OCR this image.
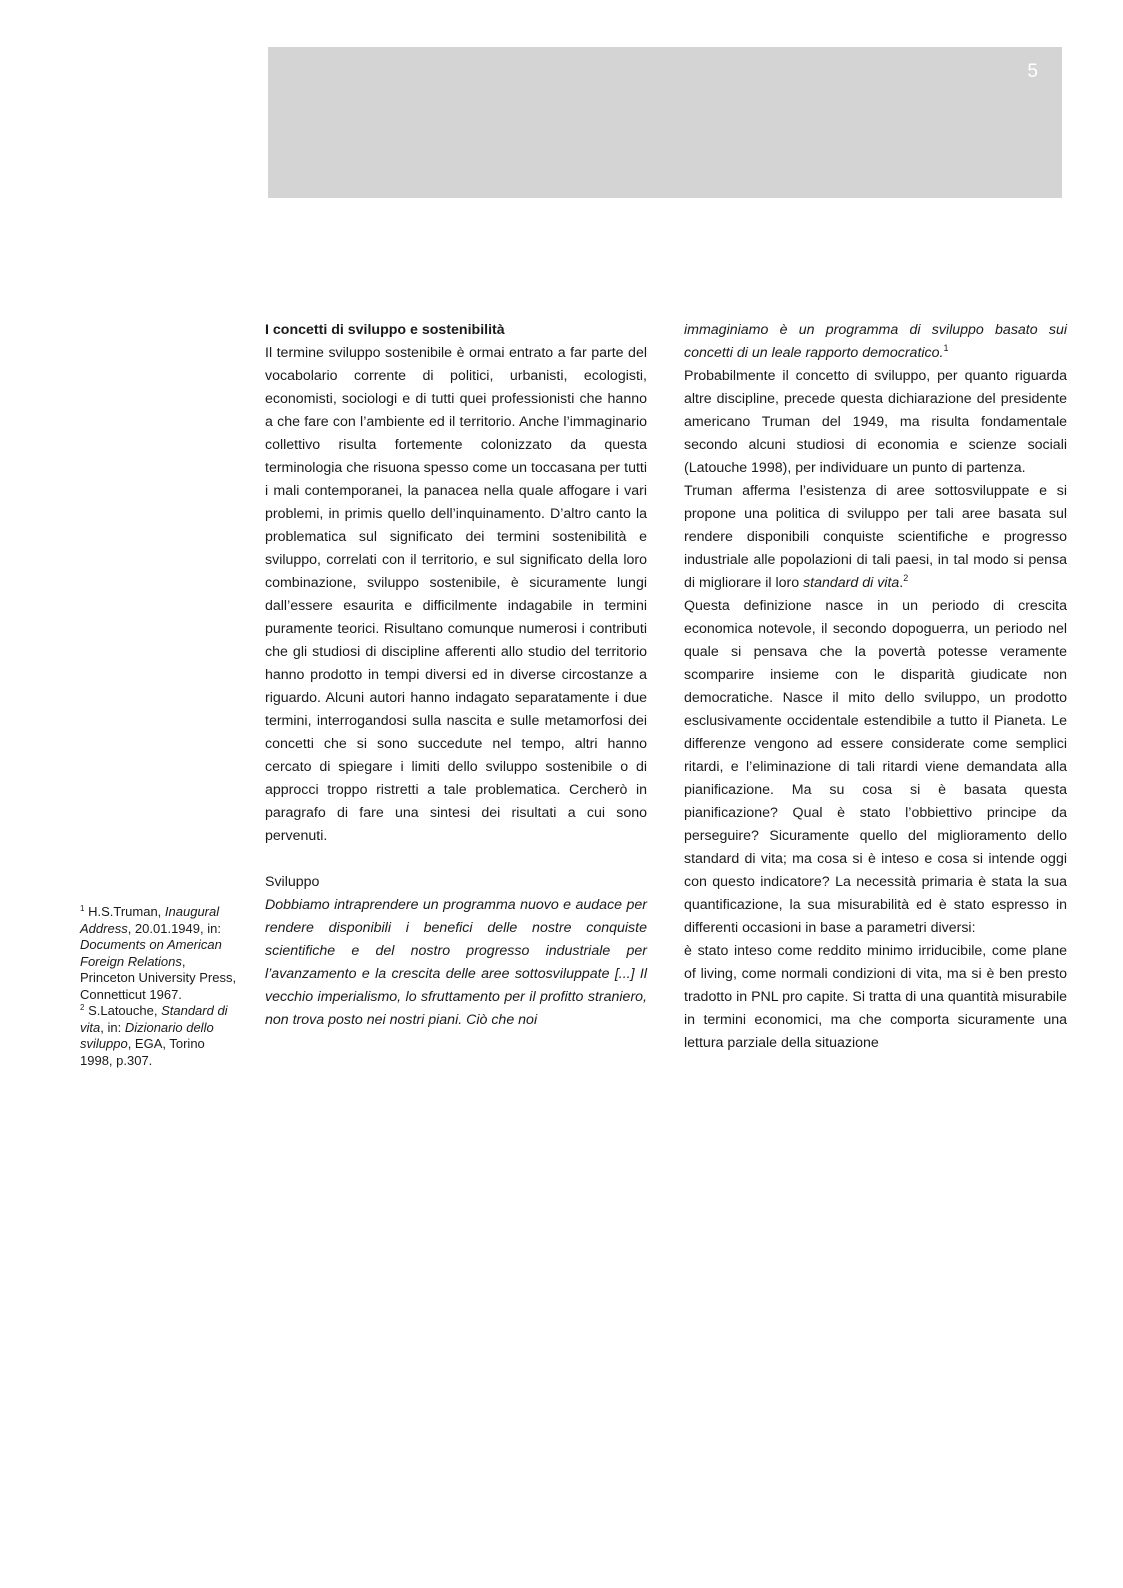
5

$^1$ H.S.Truman, Inaugural Address, 20.01.1949, in: Documents on American Foreign Relations, Princeton University Press, Connetticut 1967.

$^2$ S.Latouche, Standard di vita, in: Dizionario dello sviluppo, EGA, Torino 1998, p.307.

I concetti di sviluppo e sostenibilità

Il termine sviluppo sostenibile è ormai entrato a far parte del vocabolario corrente di politici, urbanisti, ecologisti, economisti, sociologi e di tutti quei professionisti che hanno a che fare con l’ambiente ed il territorio. Anche l’immaginario collettivo risulta fortemente colonizzato da questa terminologia che risuona spesso come un toccasana per tutti i mali contemporanei, la panacea nella quale affogare i vari problemi, in primis quello dell’inquinamento. D’altro canto la problematica sul significato dei termini sostenibilità e sviluppo, correlati con il territorio, e sul significato della loro combinazione, sviluppo sostenibile, è sicuramente lungi dall’essere esaurita e difficilmente indagabile in termini puramente teorici. Risultano comunque numerosi i contributi che gli studiosi di discipline afferenti allo studio del territorio hanno prodotto in tempi diversi ed in diverse circostanze a riguardo. Alcuni autori hanno indagato separatamente i due termini, interrogandosi sulla nascita e sulle metamorfosi dei concetti che si sono succedute nel tempo, altri hanno cercato di spiegare i limiti dello sviluppo sostenibile o di approcci troppo ristretti a tale problematica. Cercherò in paragrafo di fare una sintesi dei risultati a cui sono pervenuti.

Sviluppo

Dobbiamo intraprendere un programma nuovo e audace per rendere disponibili i benefici delle nostre conquiste scientifiche e del nostro progresso industriale per l’avanzamento e la crescita delle aree sottosviluppate [...] Il vecchio imperialismo, lo sfruttamento per il profitto straniero, non trova posto nei nostri piani. Ciò che noi

immaginiamo è un programma di sviluppo basato sui concetti di un leale rapporto democratico.$^1$

Probabilmente il concetto di sviluppo, per quanto riguarda altre discipline, precede questa dichiarazione del presidente americano Truman del 1949, ma risulta fondamentale secondo alcuni studiosi di economia e scienze sociali (Latouche 1998), per individuare un punto di partenza.

Truman afferma l’esistenza di aree sottosviluppate e si propone una politica di sviluppo per tali aree basata sul rendere disponibili conquiste scientifiche e progresso industriale alle popolazioni di tali paesi, in tal modo si pensa di migliorare il loro standard di vita.$^2$

Questa definizione nasce in un periodo di crescita economica notevole, il secondo dopoguerra, un periodo nel quale si pensava che la povertà potesse veramente scomparire insieme con le disparità giudicate non democratiche. Nasce il mito dello sviluppo, un prodotto esclusivamente occidentale estendibile a tutto il Pianeta. Le differenze vengono ad essere considerate come semplici ritardi, e l’eliminazione di tali ritardi viene demandata alla pianificazione. Ma su cosa si è basata questa pianificazione? Qual è stato l’obbiettivo principe da perseguire? Sicuramente quello del miglioramento dello standard di vita; ma cosa si è inteso e cosa si intende oggi con questo indicatore? La necessità primaria è stata la sua quantificazione, la sua misurabilità ed è stato espresso in differenti occasioni in base a parametri diversi:

è stato inteso come reddito minimo irriducibile, come plane of living, come normali condizioni di vita, ma si è ben presto tradotto in PNL pro capite. Si tratta di una quantità misurabile in termini economici, ma che comporta sicuramente una lettura parziale della situazione
